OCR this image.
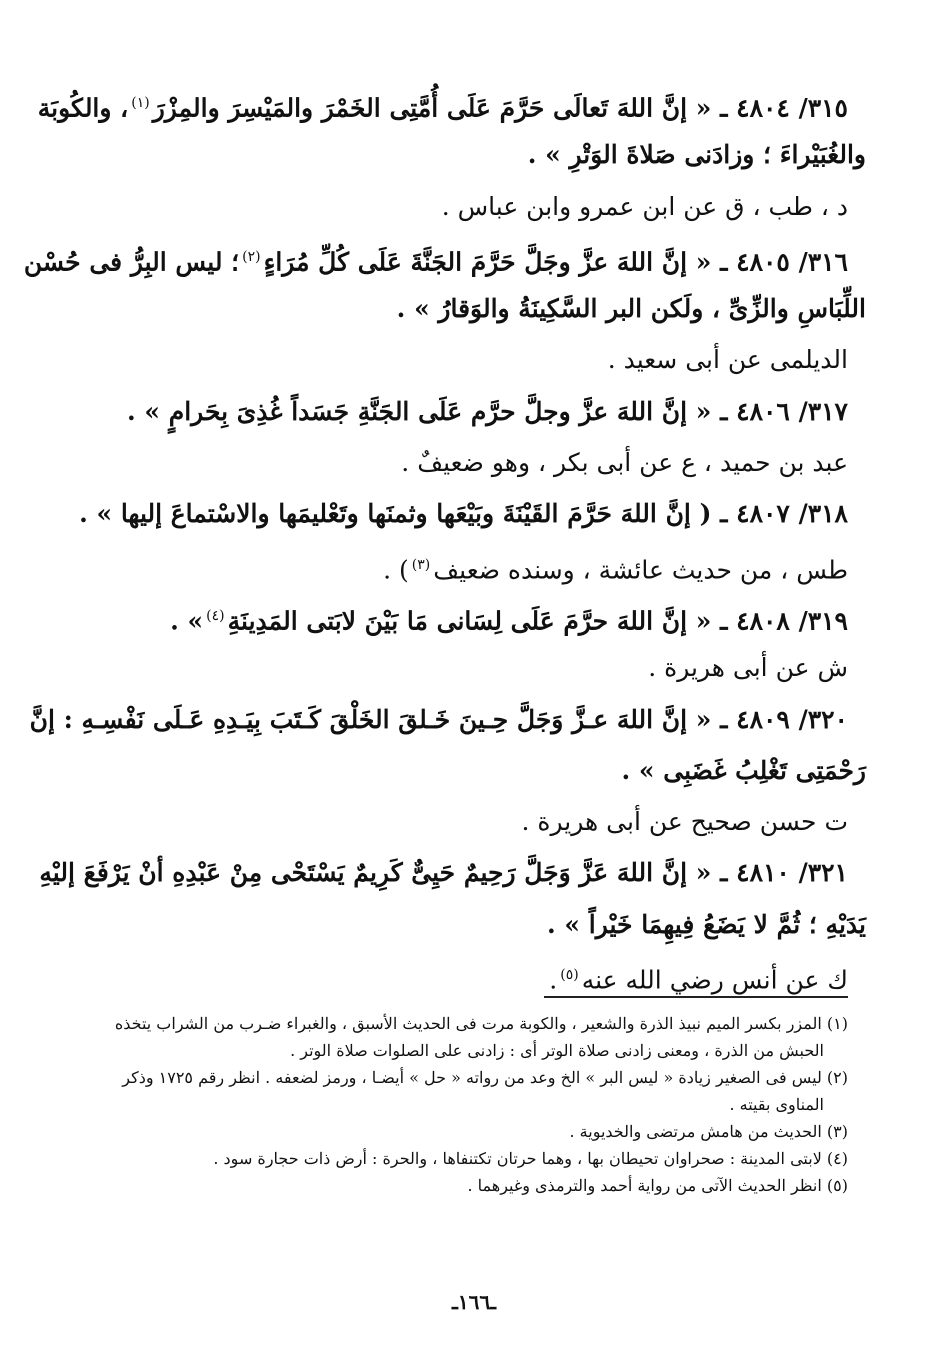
٣١٥/ ٤٨٠٤ ـ « إنَّ اللهَ تَعالَى حَرَّمَ عَلَى أُمَّتِى الخَمْرَ والمَيْسِرَ والمِزْرَ$^{(١)}$، والكُوبَة
والغُبَيْراءَ ؛ وزادَنى صَلاةَ الوَتْرِ » .
د ، طب ، ق عن ابن عمرو وابن عباس .
٣١٦/ ٤٨٠٥ ـ « إنَّ اللهَ عزَّ وجَلَّ حَرَّمَ الجَنَّةَ عَلَى كُلِّ مُرَاءٍ$^{(٢)}$؛ ليس البِرُّ فى حُسْن
اللِّبَاسِ والزِّىِّ ، ولَكن البر السَّكِينَةُ والوَقارُ » .
الديلمى عن أبى سعيد .
٣١٧/ ٤٨٠٦ ـ « إنَّ اللهَ عزَّ وجلَّ حرَّم عَلَى الجَنَّةِ جَسَداً غُذِىَ بِحَرامٍ » .
عبد بن حميد ، ع عن أبى بكر ، وهو ضعيفٌ .
٣١٨/ ٤٨٠٧ ـ ( إنَّ اللهَ حَرَّمَ القَيْنَةَ وبَيْعَها وثمنَها وتَعْليمَها والاسْتماعَ إليها » .
طس ، من حديث عائشة ، وسنده ضعيف$^{(٣)}$) .
٣١٩/ ٤٨٠٨ ـ « إنَّ اللهَ حرَّمَ عَلَى لِسَانى مَا بَيْنَ لابَتى المَدِينَةِ$^{(٤)}$» .
ش عن أبى هريرة .
٣٢٠/ ٤٨٠٩ ـ « إنَّ اللهَ عـزَّ وَجَلَّ حِـينَ خَـلقَ الخَلْقَ كَـتَبَ بِيَـدِهِ عَـلَى نَفْسِـهِ : إنَّ
رَحْمَتِى تَغْلِبُ غَضَبِى » .
ت حسن صحيح عن أبى هريرة .
٣٢١/ ٤٨١٠ ـ « إنَّ اللهَ عَزَّ وَجَلَّ رَحِيمٌ حَيِىٌّ كَرِيمٌ يَسْتَحْى مِنْ عَبْدِهِ أنْ يَرْفَعَ إليْهِ
يَدَيْهِ ؛ ثُمَّ لا يَضَعُ فِيهِمَا خَيْراً » .
ك عن أنس رضي الله عنه$^{(٥)}$.
(١) المزر بكسر الميم نبيذ الذرة والشعير ، والكوبة مرت فى الحديث الأسبق ، والغبراء ضـرب من الشراب يتخذه
الحبش من الذرة ، ومعنى زادنى صلاة الوتر أى : زادنى على الصلوات صلاة الوتر .
(٢) ليس فى الصغير زيادة « ليس البر » الخ وعد من رواته « حل » أيضـا ، ورمز لضعفه . انظر رقم ١٧٢٥ وذكر
المناوى بقيته .
(٣) الحديث من هامش مرتضى والخديوية .
(٤) لابتى المدينة : صحراوان تحيطان بها ، وهما حرتان تكتنفاها ، والحرة : أرض ذات حجارة سود .
(٥) انظر الحديث الآتى من رواية أحمد والترمذى وغيرهما .
ـ١٦٦ـ
